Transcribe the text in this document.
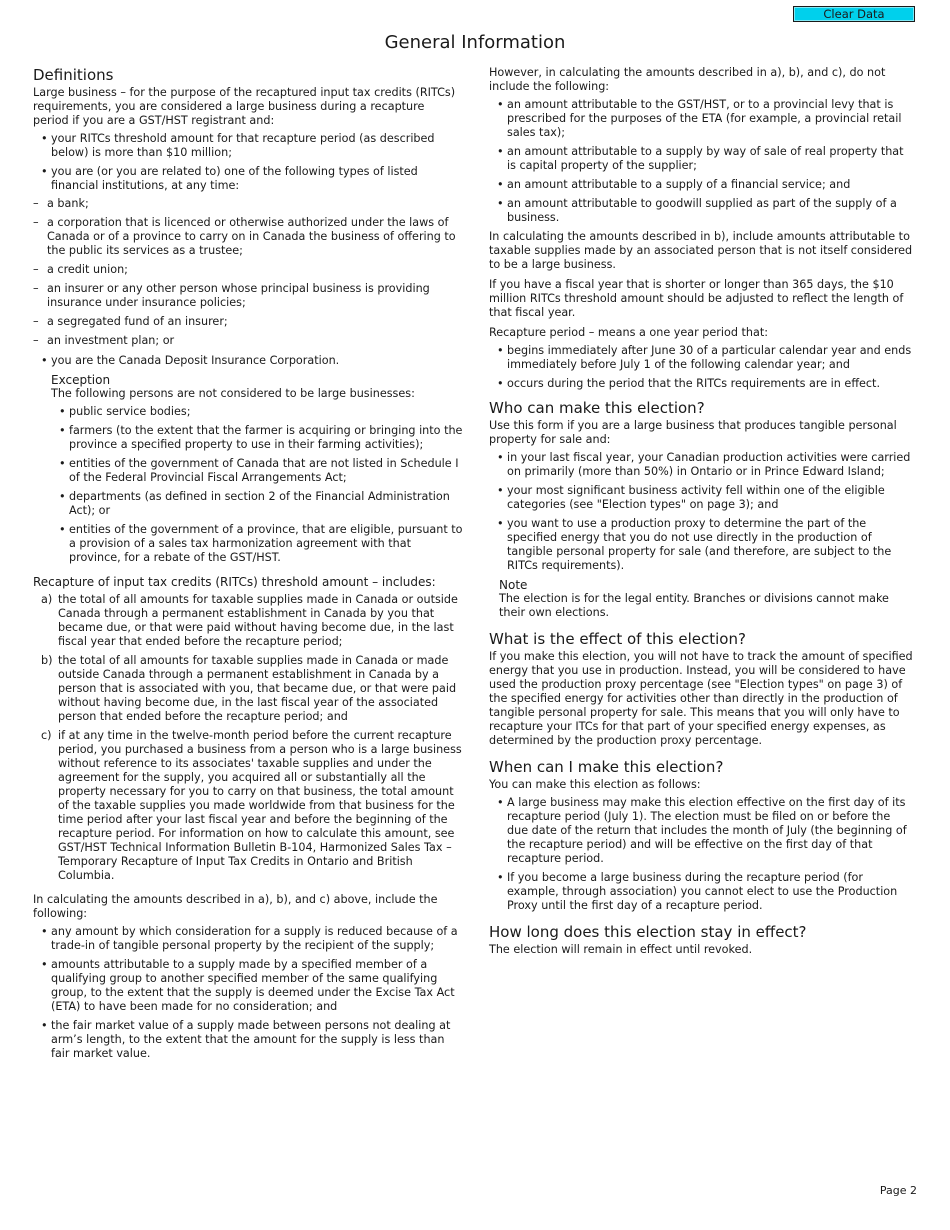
Clear Data
General Information
Definitions

Large business – for the purpose of the recaptured input tax credits (RITCs) requirements, you are considered a large business during a recapture period if you are a GST/HST registrant and:

• your RITCs threshold amount for that recapture period (as described below) is more than $10 million;
• you are (or you are related to) one of the following types of listed financial institutions, at any time:
– a bank;
– a corporation that is licenced or otherwise authorized under the laws of Canada or of a province to carry on in Canada the business of offering to the public its services as a trustee;
– a credit union;
– an insurer or any other person whose principal business is providing insurance under insurance policies;
– a segregated fund of an insurer;
– an investment plan; or
• you are the Canada Deposit Insurance Corporation.
Exception

The following persons are not considered to be large businesses:

• public service bodies;
• farmers (to the extent that the farmer is acquiring or bringing into the province a specified property to use in their farming activities);
• entities of the government of Canada that are not listed in Schedule I of the Federal Provincial Fiscal Arrangements Act;
• departments (as defined in section 2 of the Financial Administration Act); or
• entities of the government of a province, that are eligible, pursuant to a provision of a sales tax harmonization agreement with that province, for a rebate of the GST/HST.
Recapture of input tax credits (RITCs) threshold amount – includes:
a) the total of all amounts for taxable supplies made in Canada or outside Canada through a permanent establishment in Canada by you that became due, or that were paid without having become due, in the last fiscal year that ended before the recapture period;
b) the total of all amounts for taxable supplies made in Canada or made outside Canada through a permanent establishment in Canada by a person that is associated with you, that became due, or that were paid without having become due, in the last fiscal year of the associated person that ended before the recapture period; and
c) if at any time in the twelve-month period before the current recapture period, you purchased a business from a person who is a large business without reference to its associates' taxable supplies and under the agreement for the supply, you acquired all or substantially all the property necessary for you to carry on that business, the total amount of the taxable supplies you made worldwide from that business for the time period after your last fiscal year and before the beginning of the recapture period. For information on how to calculate this amount, see GST/HST Technical Information Bulletin B-104, Harmonized Sales Tax – Temporary Recapture of Input Tax Credits in Ontario and British Columbia.

In calculating the amounts described in a), b), and c) above, include the following:

• any amount by which consideration for a supply is reduced because of a trade-in of tangible personal property by the recipient of the supply;
• amounts attributable to a supply made by a specified member of a qualifying group to another specified member of the same qualifying group, to the extent that the supply is deemed under the Excise Tax Act (ETA) to have been made for no consideration; and
• the fair market value of a supply made between persons not dealing at arm’s length, to the extent that the amount for the supply is less than fair market value.

However, in calculating the amounts described in a), b), and c), do not include the following:

• an amount attributable to the GST/HST, or to a provincial levy that is prescribed for the purposes of the ETA (for example, a provincial retail sales tax);
• an amount attributable to a supply by way of sale of real property that is capital property of the supplier;
• an amount attributable to a supply of a financial service; and
• an amount attributable to goodwill supplied as part of the supply of a business.

In calculating the amounts described in b), include amounts attributable to taxable supplies made by an associated person that is not itself considered to be a large business.

If you have a fiscal year that is shorter or longer than 365 days, the $10 million RITCs threshold amount should be adjusted to reflect the length of that fiscal year.

Recapture period – means a one year period that:

• begins immediately after June 30 of a particular calendar year and ends immediately before July 1 of the following calendar year; and
• occurs during the period that the RITCs requirements are in effect.
Who can make this election?

Use this form if you are a large business that produces tangible personal property for sale and:

• in your last fiscal year, your Canadian production activities were carried on primarily (more than 50%) in Ontario or in Prince Edward Island;
• your most significant business activity fell within one of the eligible categories (see "Election types" on page 3); and
• you want to use a production proxy to determine the part of the specified energy that you do not use directly in the production of tangible personal property for sale (and therefore, are subject to the RITCs requirements).
Note

The election is for the legal entity. Branches or divisions cannot make their own elections.

What is the effect of this election?

If you make this election, you will not have to track the amount of specified energy that you use in production. Instead, you will be considered to have used the production proxy percentage (see "Election types" on page 3) of the specified energy for activities other than directly in the production of tangible personal property for sale. This means that you will only have to recapture your ITCs for that part of your specified energy expenses, as determined by the production proxy percentage.

When can I make this election?

You can make this election as follows:

• A large business may make this election effective on the first day of its recapture period (July 1). The election must be filed on or before the due date of the return that includes the month of July (the beginning of the recapture period) and will be effective on the first day of that recapture period.
• If you become a large business during the recapture period (for example, through association) you cannot elect to use the Production Proxy until the first day of a recapture period.
How long does this election stay in effect?

The election will remain in effect until revoked.

Page 2
